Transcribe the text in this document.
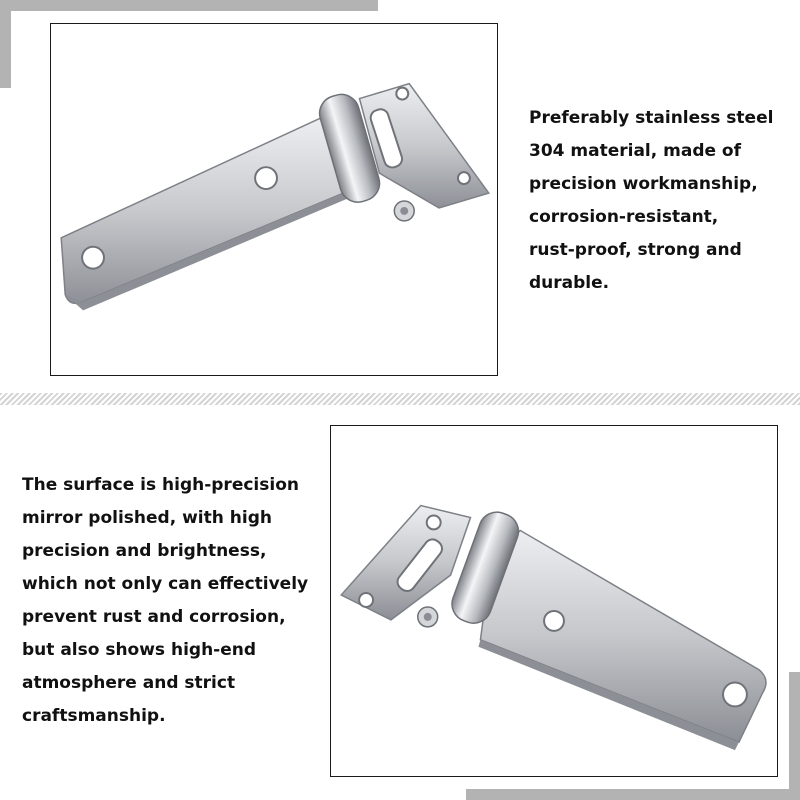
Preferably stainless steel
304 material, made of
precision workmanship,
corrosion-resistant,
rust-proof, strong and
durable.

The surface is high-precision
mirror polished, with high
precision and brightness,
which not only can effectively
prevent rust and corrosion,
but also shows high-end
atmosphere and strict
craftsmanship.
